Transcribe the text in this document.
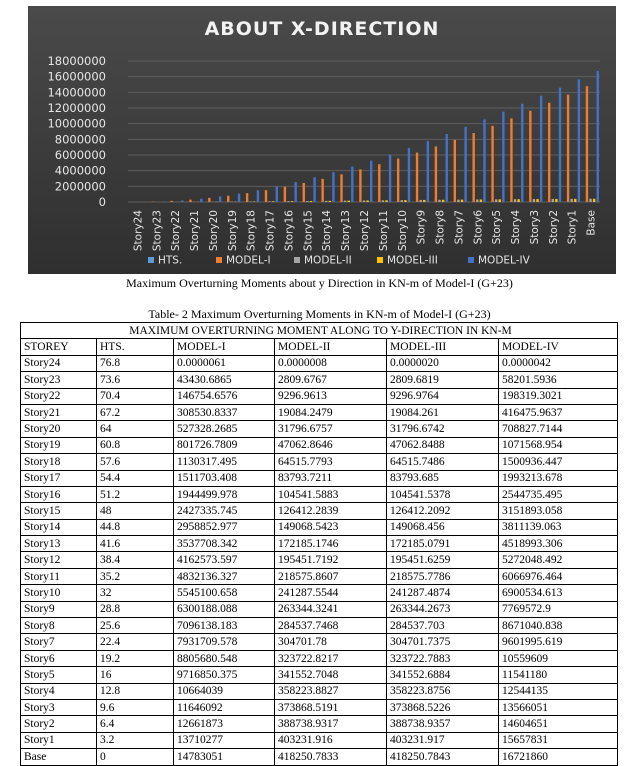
ABOUT X-DIRECTION
0
2000000
4000000
6000000
8000000
10000000
12000000
14000000
16000000
18000000
Story24 Story23 Story22 Story21 Story20 Story19 Story18 Story17 Story16 Story15 Story14 Story13 Story12 Story11 Story10 Story9 Story8 Story7 Story6 Story5 Story4 Story3 Story2 Story1 Base
HTS.	MODEL-I	MODEL-II	MODEL-III	MODEL-IV
Maximum Overturning Moments about y Direction in KN-m of Model-I (G+23)
Table- 2 Maximum Overturning Moments in KN-m of Model-I (G+23)
MAXIMUM OVERTURNING MOMENT ALONG TO Y-DIRECTION IN KN-M					
STOREY	HTS.	MODEL-I	MODEL-II	MODEL-III	MODEL-IV
Story24	76.8	0.0000061	0.0000008	0.0000020	0.0000042
Story23	73.6	43430.6865	2809.6767	2809.6819	58201.5936
Story22	70.4	146754.6576	9296.9613	9296.9764	198319.3021
Story21	67.2	308530.8337	19084.2479	19084.261	416475.9637
Story20	64	527328.2685	31796.6757	31796.6742	708827.7144
Story19	60.8	801726.7809	47062.8646	47062.8488	1071568.954
Story18	57.6	1130317.495	64515.7793	64515.7486	1500936.447
Story17	54.4	1511703.408	83793.7211	83793.685	1993213.678
Story16	51.2	1944499.978	104541.5883	104541.5378	2544735.495
Story15	48	2427335.745	126412.2839	126412.2092	3151893.058
Story14	44.8	2958852.977	149068.5423	149068.456	3811139.063
Story13	41.6	3537708.342	172185.1746	172185.0791	4518993.306
Story12	38.4	4162573.597	195451.7192	195451.6259	5272048.492
Story11	35.2	4832136.327	218575.8607	218575.7786	6066976.464
Story10	32	5545100.658	241287.5544	241287.4874	6900534.613
Story9	28.8	6300188.088	263344.3241	263344.2673	7769572.9
Story8	25.6	7096138.183	284537.7468	284537.703	8671040.838
Story7	22.4	7931709.578	304701.78	304701.7375	9601995.619
Story6	19.2	8805680.548	323722.8217	323722.7883	10559609
Story5	16	9716850.375	341552.7048	341552.6884	11541180
Story4	12.8	10664039	358223.8827	358223.8756	12544135
Story3	9.6	11646092	373868.5191	373868.5226	13566051
Story2	6.4	12661873	388738.9317	388738.9357	14604651
Story1	3.2	13710277	403231.916	403231.917	15657831
Base	0	14783051	418250.7833	418250.7843	16721860
